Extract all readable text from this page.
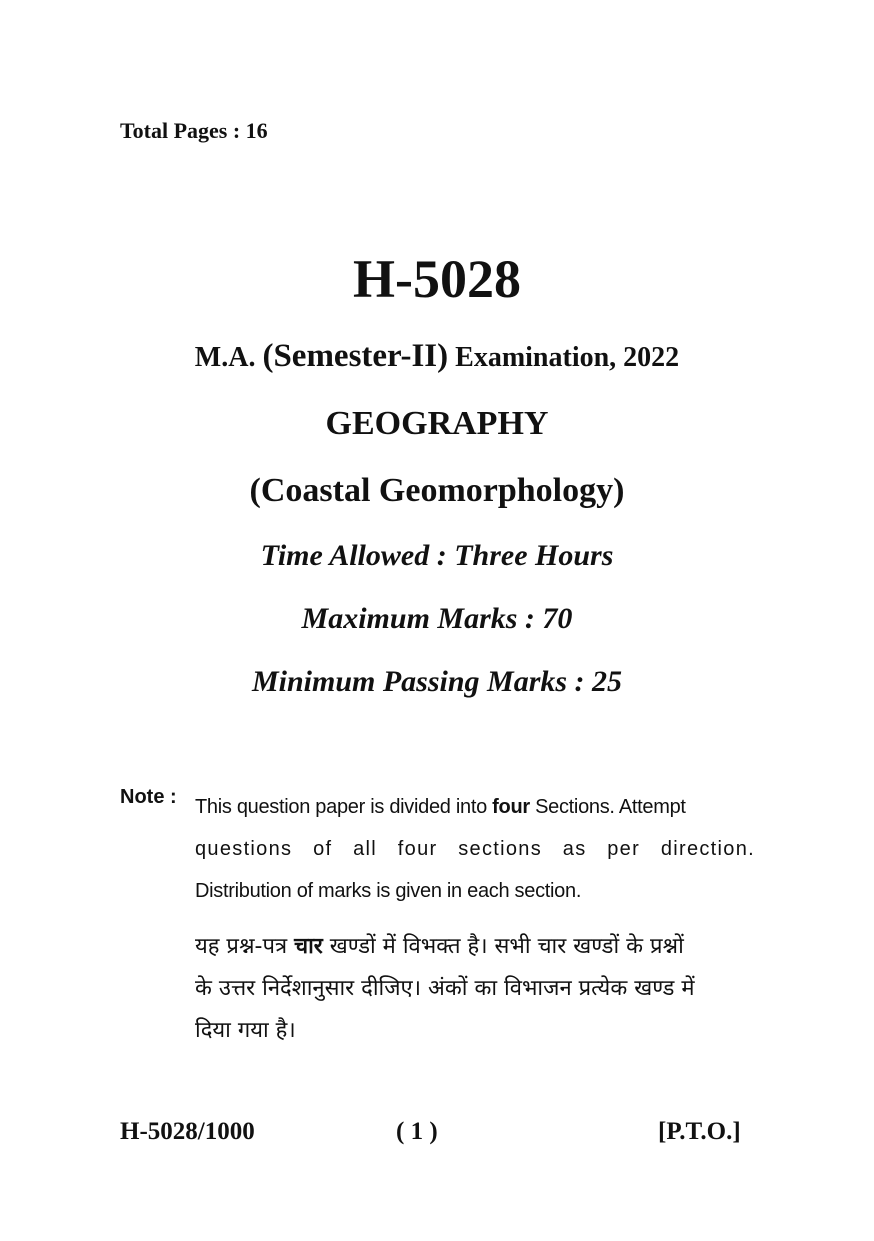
Total Pages : 16
H-5028
M.A. (Semester-II) Examination, 2022
GEOGRAPHY
(Coastal Geomorphology)
Time Allowed : Three Hours
Maximum Marks : 70
Minimum Passing Marks : 25
Note : This question paper is divided into four Sections. Attempt
questions of all four sections as per direction.
Distribution of marks is given in each section.
यह प्रश्न-पत्र चार खण्डों में विभक्त है। सभी चार खण्डों के प्रश्नों
के उत्तर निर्देशानुसार दीजिए। अंकों का विभाजन प्रत्येक खण्ड में
दिया गया है।
H-5028/1000	( 1 )	[P.T.O.]
